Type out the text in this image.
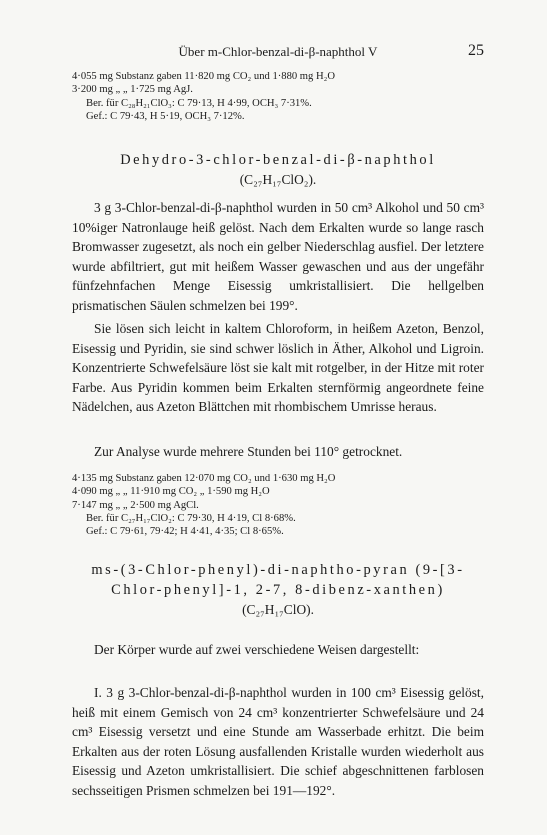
Über m-Chlor-benzal-di-β-naphthol V	25
4·055 mg Substanz gaben 11·820 mg CO₂ und 1·880 mg H₂O
3·200 mg „ „ 1·725 mg AgJ.
Ber. für C₂₈H₂₁ClO₃: C 79·13, H 4·99, OCH₃ 7·31%.
Gef.: C 79·43, H 5·19, OCH₃ 7·12%.
Dehydro-3-chlor-benzal-di-β-naphthol
(C₂₇H₁₇ClO₂).

3 g 3-Chlor-benzal-di-β-naphthol wurden in 50 cm³ Alkohol und 50 cm³ 10%iger Natronlauge heiß gelöst. Nach dem Erkalten wurde so lange rasch Bromwasser zugesetzt, als noch ein gelber Niederschlag ausfiel. Der letztere wurde abfiltriert, gut mit heißem Wasser gewaschen und aus der ungefähr fünfzehnfachen Menge Eisessig umkristallisiert. Die hellgelben prismatischen Säulen schmelzen bei 199°.

Sie lösen sich leicht in kaltem Chloroform, in heißem Azeton, Benzol, Eisessig und Pyridin, sie sind schwer löslich in Äther, Alkohol und Ligroin. Konzentrierte Schwefelsäure löst sie kalt mit rotgelber, in der Hitze mit roter Farbe. Aus Pyridin kommen beim Erkalten sternförmig angeordnete feine Nädelchen, aus Azeton Blättchen mit rhombischem Umrisse heraus.

Zur Analyse wurde mehrere Stunden bei 110° getrocknet.

4·135 mg Substanz gaben 12·070 mg CO₂ und 1·630 mg H₂O
4·090 mg „ „ 11·910 mg CO₂ „ 1·590 mg H₂O
7·147 mg „ „ 2·500 mg AgCl.
Ber. für C₂₇H₁₇ClO₂: C 79·30, H 4·19, Cl 8·68%.
Gef.: C 79·61, 79·42; H 4·41, 4·35; Cl 8·65%.
ms-(3-Chlor-phenyl)-di-naphtho-pyran (9-[3-
Chlor-phenyl]-1, 2-7, 8-dibenz-xanthen)
(C₂₇H₁₇ClO).

Der Körper wurde auf zwei verschiedene Weisen dargestellt:

I. 3 g 3-Chlor-benzal-di-β-naphthol wurden in 100 cm³ Eisessig gelöst, heiß mit einem Gemisch von 24 cm³ konzentrierter Schwefelsäure und 24 cm³ Eisessig versetzt und eine Stunde am Wasserbade erhitzt. Die beim Erkalten aus der roten Lösung ausfallenden Kristalle wurden wiederholt aus Eisessig und Azeton umkristallisiert. Die schief abgeschnittenen farblosen sechsseitigen Prismen schmelzen bei 191—192°.
